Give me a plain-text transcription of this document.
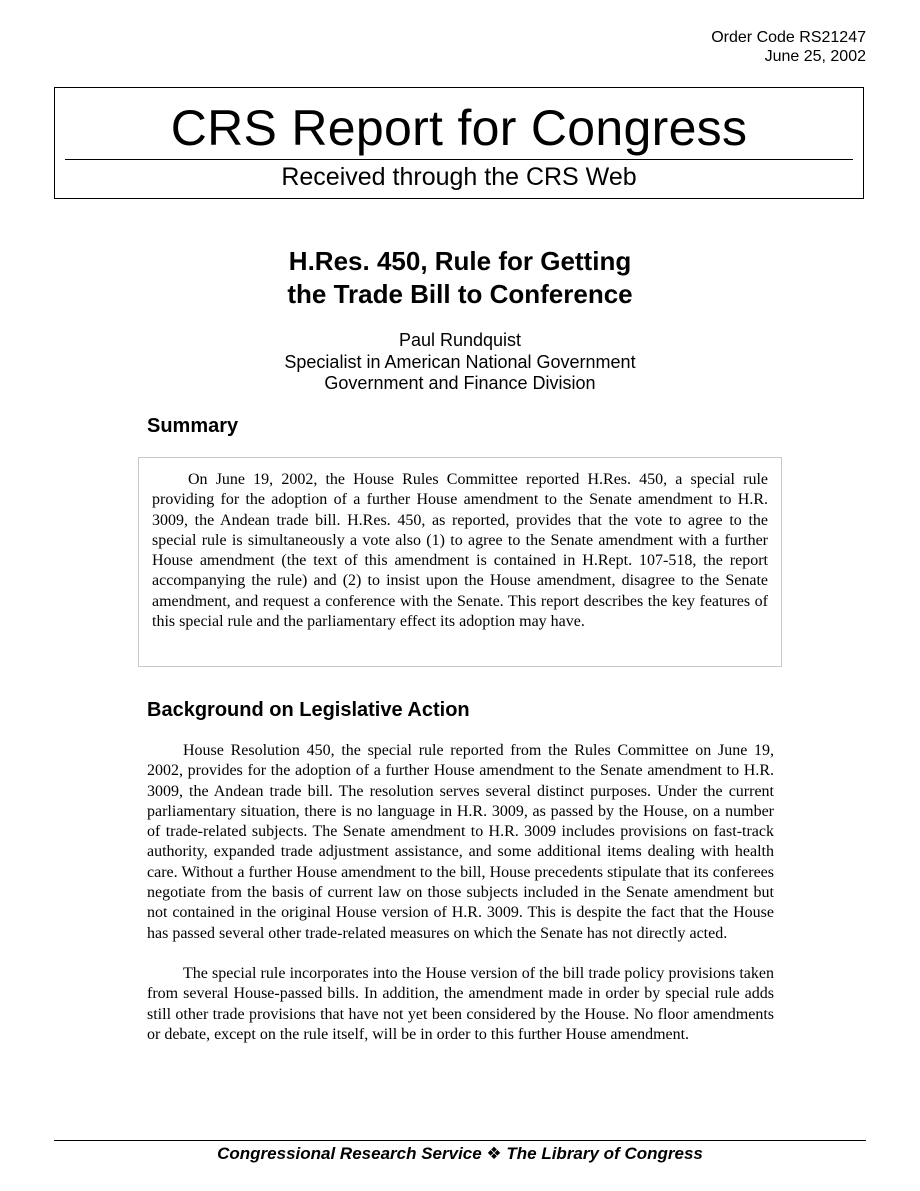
Order Code RS21247
June 25, 2002
CRS Report for Congress
Received through the CRS Web
H.Res. 450, Rule for Getting
the Trade Bill to Conference
Paul Rundquist
Specialist in American National Government
Government and Finance Division
Summary

On June 19, 2002, the House Rules Committee reported H.Res. 450, a special rule providing for the adoption of a further House amendment to the Senate amendment to H.R. 3009, the Andean trade bill. H.Res. 450, as reported, provides that the vote to agree to the special rule is simultaneously a vote also (1) to agree to the Senate amendment with a further House amendment (the text of this amendment is contained in H.Rept. 107-518, the report accompanying the rule) and (2) to insist upon the House amendment, disagree to the Senate amendment, and request a conference with the Senate. This report describes the key features of this special rule and the parliamentary effect its adoption may have.

Background on Legislative Action

House Resolution 450, the special rule reported from the Rules Committee on June 19, 2002, provides for the adoption of a further House amendment to the Senate amendment to H.R. 3009, the Andean trade bill. The resolution serves several distinct purposes. Under the current parliamentary situation, there is no language in H.R. 3009, as passed by the House, on a number of trade-related subjects. The Senate amendment to H.R. 3009 includes provisions on fast-track authority, expanded trade adjustment assistance, and some additional items dealing with health care. Without a further House amendment to the bill, House precedents stipulate that its conferees negotiate from the basis of current law on those subjects included in the Senate amendment but not contained in the original House version of H.R. 3009. This is despite the fact that the House has passed several other trade-related measures on which the Senate has not directly acted.

The special rule incorporates into the House version of the bill trade policy provisions taken from several House-passed bills. In addition, the amendment made in order by special rule adds still other trade provisions that have not yet been considered by the House. No floor amendments or debate, except on the rule itself, will be in order to this further House amendment.

Congressional Research Service ❖ The Library of Congress
